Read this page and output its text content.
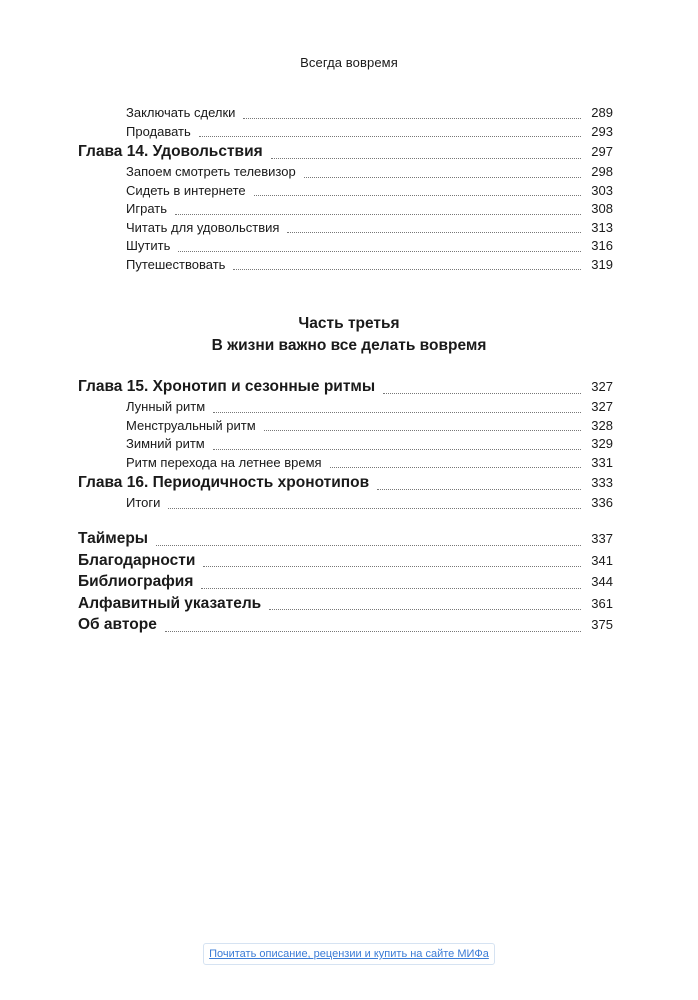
Всегда вовремя
Заключать сделки	289
Продавать	293
Глава 14. Удовольствия	297
Запоем смотреть телевизор	298
Сидеть в интернете	303
Играть	308
Читать для удовольствия	313
Шутить	316
Путешествовать	319
Часть третья
В жизни важно все делать вовремя
Глава 15. Хронотип и сезонные ритмы	327
Лунный ритм	327
Менструальный ритм	328
Зимний ритм	329
Ритм перехода на летнее время	331
Глава 16. Периодичность хронотипов	333
Итоги	336
Таймеры	337
Благодарности	341
Библиография	344
Алфавитный указатель	361
Об авторе	375
Почитать описание, рецензии и купить на сайте МИФа
